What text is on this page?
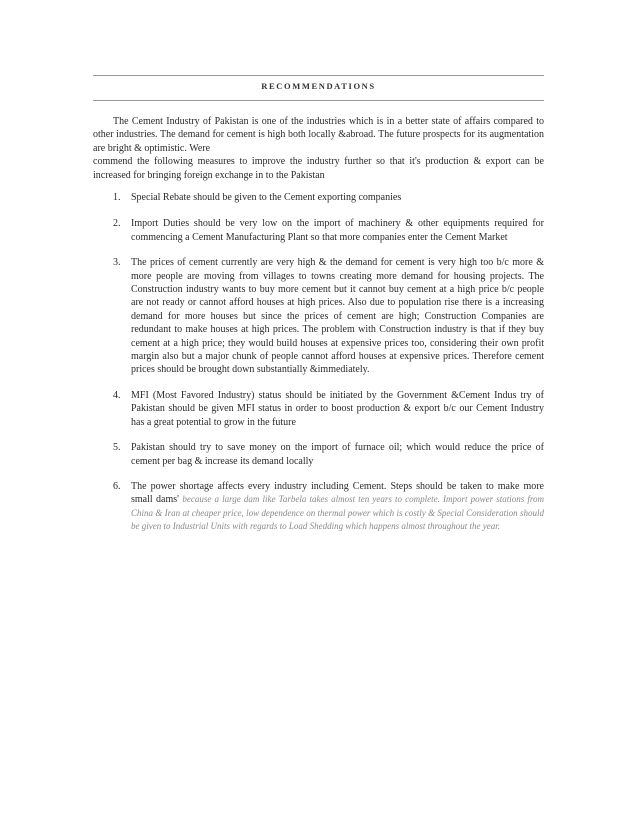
RECOMMENDATIONS

The Cement Industry of Pakistan is one of the industries which is in a better state of affairs compared to other industries. The demand for cement is high both locally &abroad. The future prospects for its augmentation are bright & optimistic. Were

commend the following measures to improve the industry further so that it's production & export can be increased for bringing foreign exchange in to the Pakistan

1. Special Rebate should be given to the Cement exporting companies
2. Import Duties should be very low on the import of machinery & other equipments required for commencing a Cement Manufacturing Plant so that more companies enter the Cement Market
3. The prices of cement currently are very high & the demand for cement is very high too b/c more & more people are moving from villages to towns creating more demand for housing projects. The Construction industry wants to buy more cement but it cannot buy cement at a high price b/c people are not ready or cannot afford houses at high prices. Also due to population rise there is a increasing demand for more houses but since the prices of cement are high; Construction Companies are redundant to make houses at high prices. The problem with Construction industry is that if they buy cement at a high price; they would build houses at expensive prices too, considering their own profit margin also but a major chunk of people cannot afford houses at expensive prices. Therefore cement prices should be brought down substantially &immediately.
4. MFI (Most Favored Industry) status should be initiated by the Government &Cement Indus try of Pakistan should be given MFI status in order to boost production & export b/c our Cement Industry has a great potential to grow in the future
5. Pakistan should try to save money on the import of furnace oil; which would reduce the price of cement per bag & increase its demand locally
6. The power shortage affects every industry including Cement. Steps should be taken to make more small dams' because a large dam like Tarbela takes almost ten years to complete. Import power stations from China & Iran at cheaper price, low dependence on thermal power which is costly & Special Consideration should be given to Industrial Units with regards to Load Shedding which happens almost throughout the year.
